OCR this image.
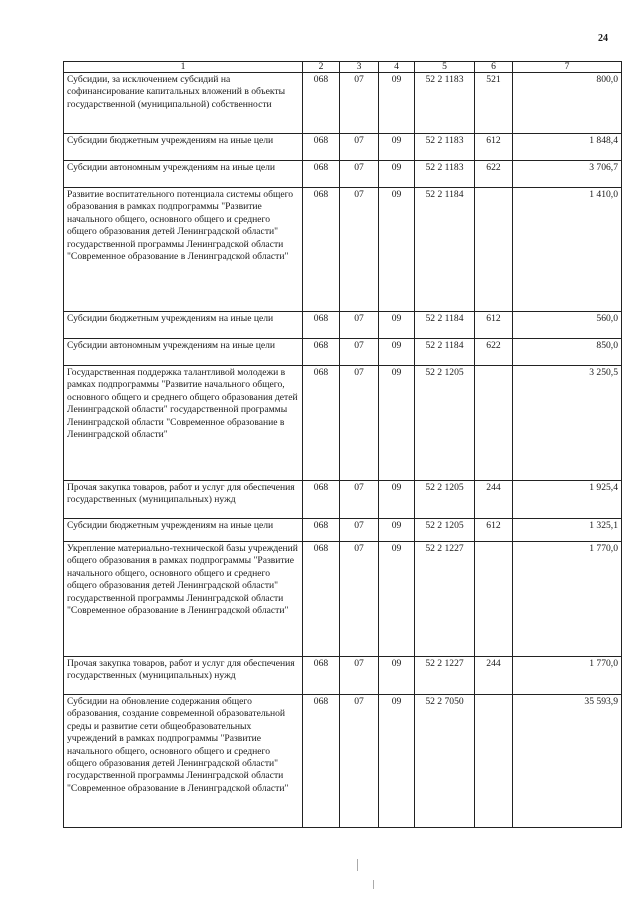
24
1	2	3	4	5	6	7
Субсидии, за исключением субсидий на софинансирование капитальных вложений в объекты государственной (муниципальной) собственности	068	07	09	52 2 1183	521	800,0
Субсидии бюджетным учреждениям на иные цели	068	07	09	52 2 1183	612	1 848,4
Субсидии автономным учреждениям на иные цели	068	07	09	52 2 1183	622	3 706,7
Развитие воспитательного потенциала системы общего образования в рамках подпрограммы "Развитие начального общего, основного общего и среднего общего образования детей Ленинградской области" государственной программы Ленинградской области "Современное образование в Ленинградской области"	068	07	09	52 2 1184		1 410,0
Субсидии бюджетным учреждениям на иные цели	068	07	09	52 2 1184	612	560,0
Субсидии автономным учреждениям на иные цели	068	07	09	52 2 1184	622	850,0
Государственная поддержка талантливой молодежи в рамках подпрограммы "Развитие начального общего, основного общего и среднего общего образования детей Ленинградской области" государственной программы Ленинградской области "Современное образование в Ленинградской области"	068	07	09	52 2 1205		3 250,5
Прочая закупка товаров, работ и услуг для обеспечения государственных (муниципальных) нужд	068	07	09	52 2 1205	244	1 925,4
Субсидии бюджетным учреждениям на иные цели	068	07	09	52 2 1205	612	1 325,1
Укрепление материально-технической базы учреждений общего образования в рамках подпрограммы "Развитие начального общего, основного общего и среднего общего образования детей Ленинградской области" государственной программы Ленинградской области "Современное образование в Ленинградской области"	068	07	09	52 2 1227		1 770,0
Прочая закупка товаров, работ и услуг для обеспечения государственных (муниципальных) нужд	068	07	09	52 2 1227	244	1 770,0
Субсидии на обновление содержания общего образования, создание современной образовательной среды и развитие сети общеобразовательных учреждений в рамках подпрограммы "Развитие начального общего, основного общего и среднего общего образования детей Ленинградской области" государственной программы Ленинградской области "Современное образование в Ленинградской области"	068	07	09	52 2 7050		35 593,9
